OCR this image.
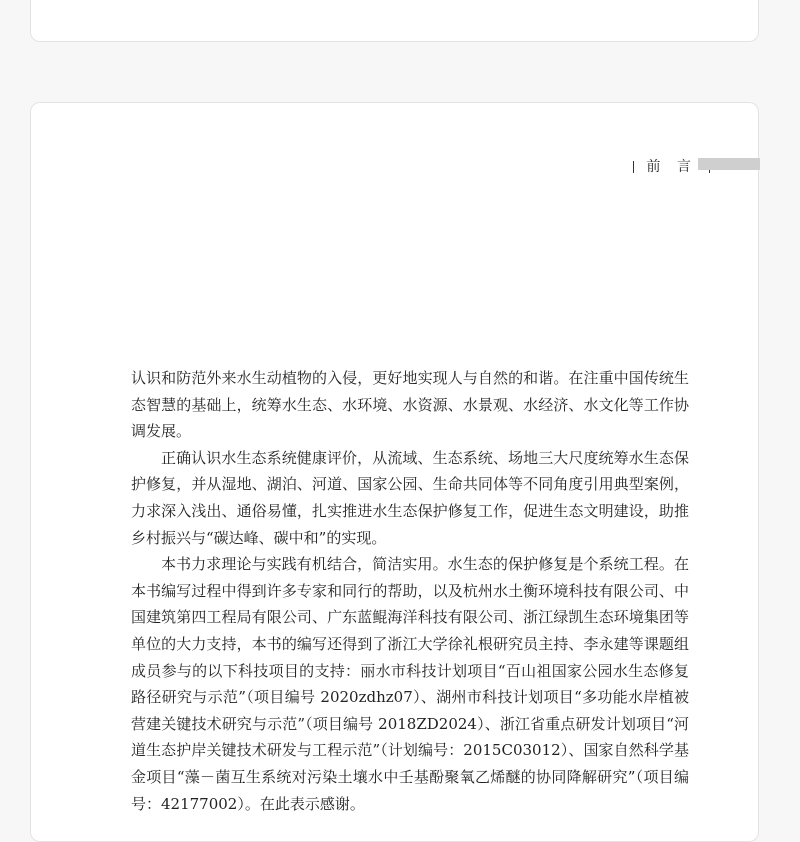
前 言

认识和防范外来水生动植物的入侵，更好地实现人与自然的和谐。在注重中国传统生态智慧的基础上，统筹水生态、水环境、水资源、水景观、水经济、水文化等工作协调发展。

正确认识水生态系统健康评价，从流域、生态系统、场地三大尺度统筹水生态保护修复，并从湿地、湖泊、河道、国家公园、生命共同体等不同角度引用典型案例，力求深入浅出、通俗易懂，扎实推进水生态保护修复工作，促进生态文明建设，助推乡村振兴与“碳达峰、碳中和”的实现。

本书力求理论与实践有机结合，简洁实用。水生态的保护修复是个系统工程。在本书编写过程中得到许多专家和同行的帮助，以及杭州水土衡环境科技有限公司、中国建筑第四工程局有限公司、广东蓝鲲海洋科技有限公司、浙江绿凯生态环境集团等单位的大力支持，本书的编写还得到了浙江大学徐礼根研究员主持、李永建等课题组成员参与的以下科技项目的支持：丽水市科技计划项目“百山祖国家公园水生态修复路径研究与示范”（项目编号 2020zdhz07）、湖州市科技计划项目“多功能水岸植被营建关键技术研究与示范”（项目编号 2018ZD2024）、浙江省重点研发计划项目“河道生态护岸关键技术研发与工程示范”（计划编号：2015C03012）、国家自然科学基金项目“藻－菌互生系统对污染土壤水中壬基酚聚氧乙烯醚的协同降解研究”（项目编号：42177002）。在此表示感谢。
